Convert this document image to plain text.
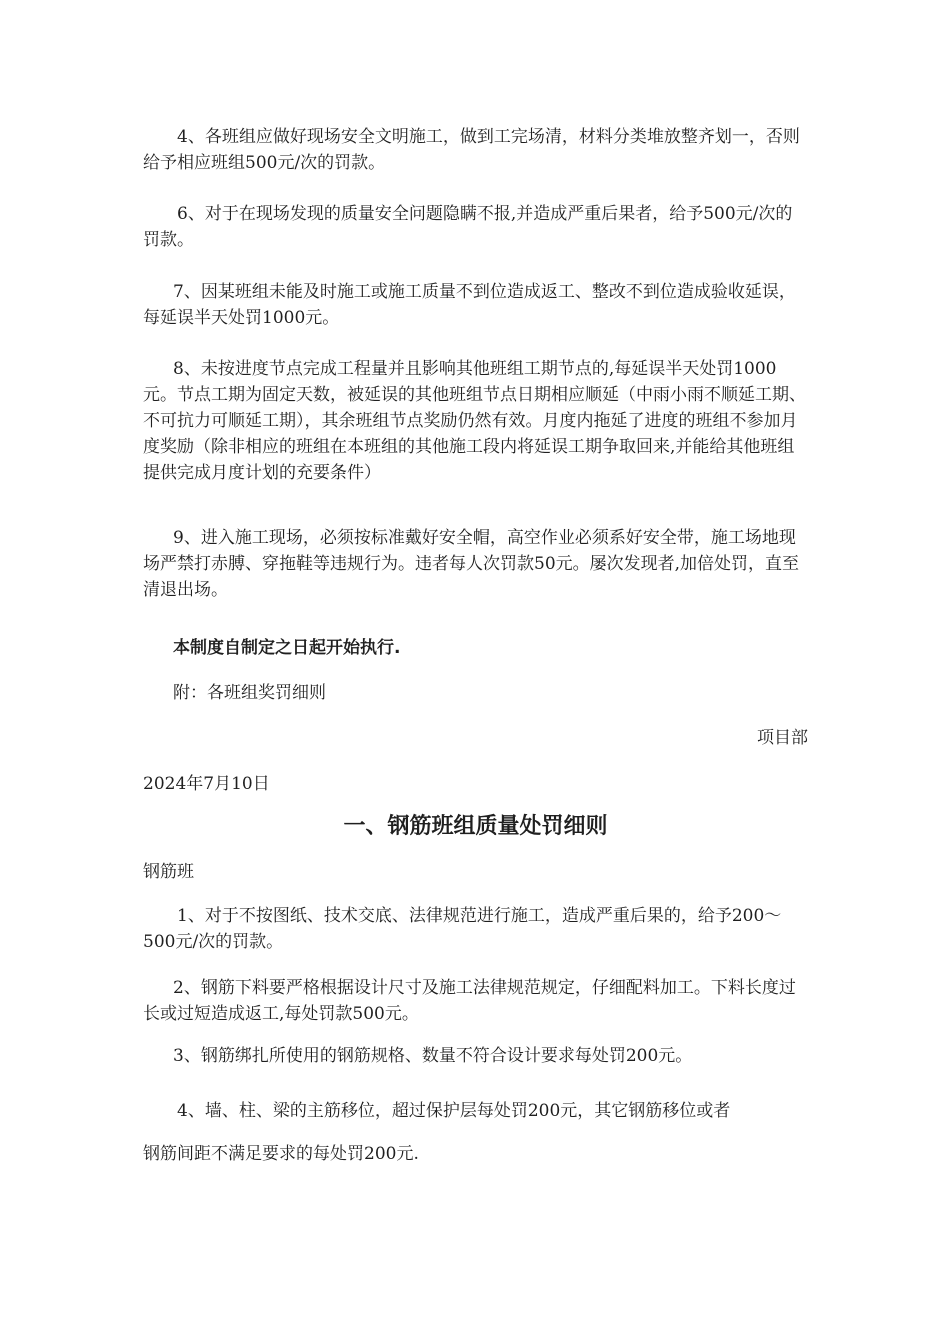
4、各班组应做好现场安全文明施工，做到工完场清，材料分类堆放整齐划一，否则给予相应班组500元/次的罚款。

6、对于在现场发现的质量安全问题隐瞒不报,并造成严重后果者，给予500元/次的罚款。

7、因某班组未能及时施工或施工质量不到位造成返工、整改不到位造成验收延误，每延误半天处罚1000元。

8、未按进度节点完成工程量并且影响其他班组工期节点的,每延误半天处罚1000元。节点工期为固定天数，被延误的其他班组节点日期相应顺延（中雨小雨不顺延工期、不可抗力可顺延工期），其余班组节点奖励仍然有效。月度内拖延了进度的班组不参加月度奖励（除非相应的班组在本班组的其他施工段内将延误工期争取回来,并能给其他班组提供完成月度计划的充要条件）

9、进入施工现场，必须按标准戴好安全帽，高空作业必须系好安全带，施工场地现场严禁打赤膊、穿拖鞋等违规行为。违者每人次罚款50元。屡次发现者,加倍处罚，直至清退出场。

本制度自制定之日起开始执行.

附：各班组奖罚细则

项目部

2024年7月10日

一、钢筋班组质量处罚细则

钢筋班

1、对于不按图纸、技术交底、法律规范进行施工，造成严重后果的，给予200～500元/次的罚款。

2、钢筋下料要严格根据设计尺寸及施工法律规范规定，仔细配料加工。下料长度过长或过短造成返工,每处罚款500元。

3、钢筋绑扎所使用的钢筋规格、数量不符合设计要求每处罚200元。

4、墙、柱、梁的主筋移位，超过保护层每处罚200元，其它钢筋移位或者

钢筋间距不满足要求的每处罚200元.
